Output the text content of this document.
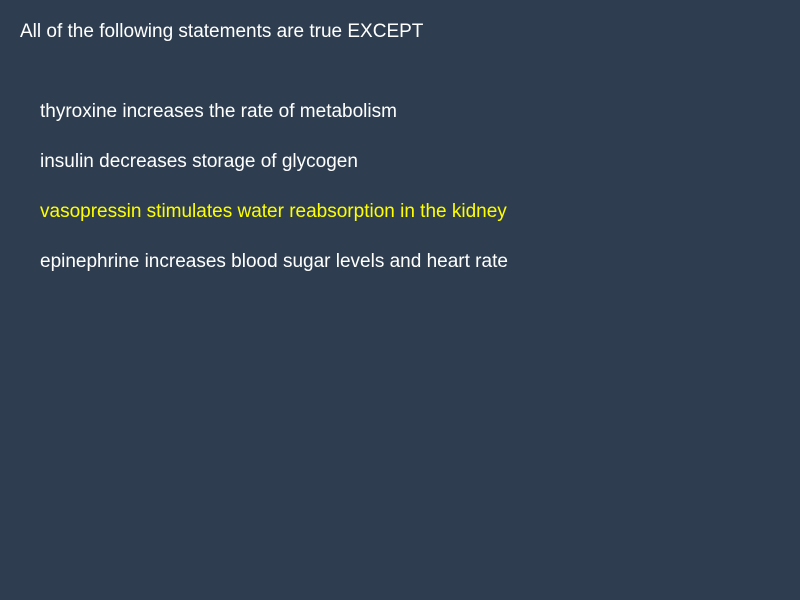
All of the following statements are true EXCEPT
thyroxine increases the rate of metabolism
insulin decreases storage of glycogen
vasopressin stimulates water reabsorption in the kidney
epinephrine increases blood sugar levels and heart rate
